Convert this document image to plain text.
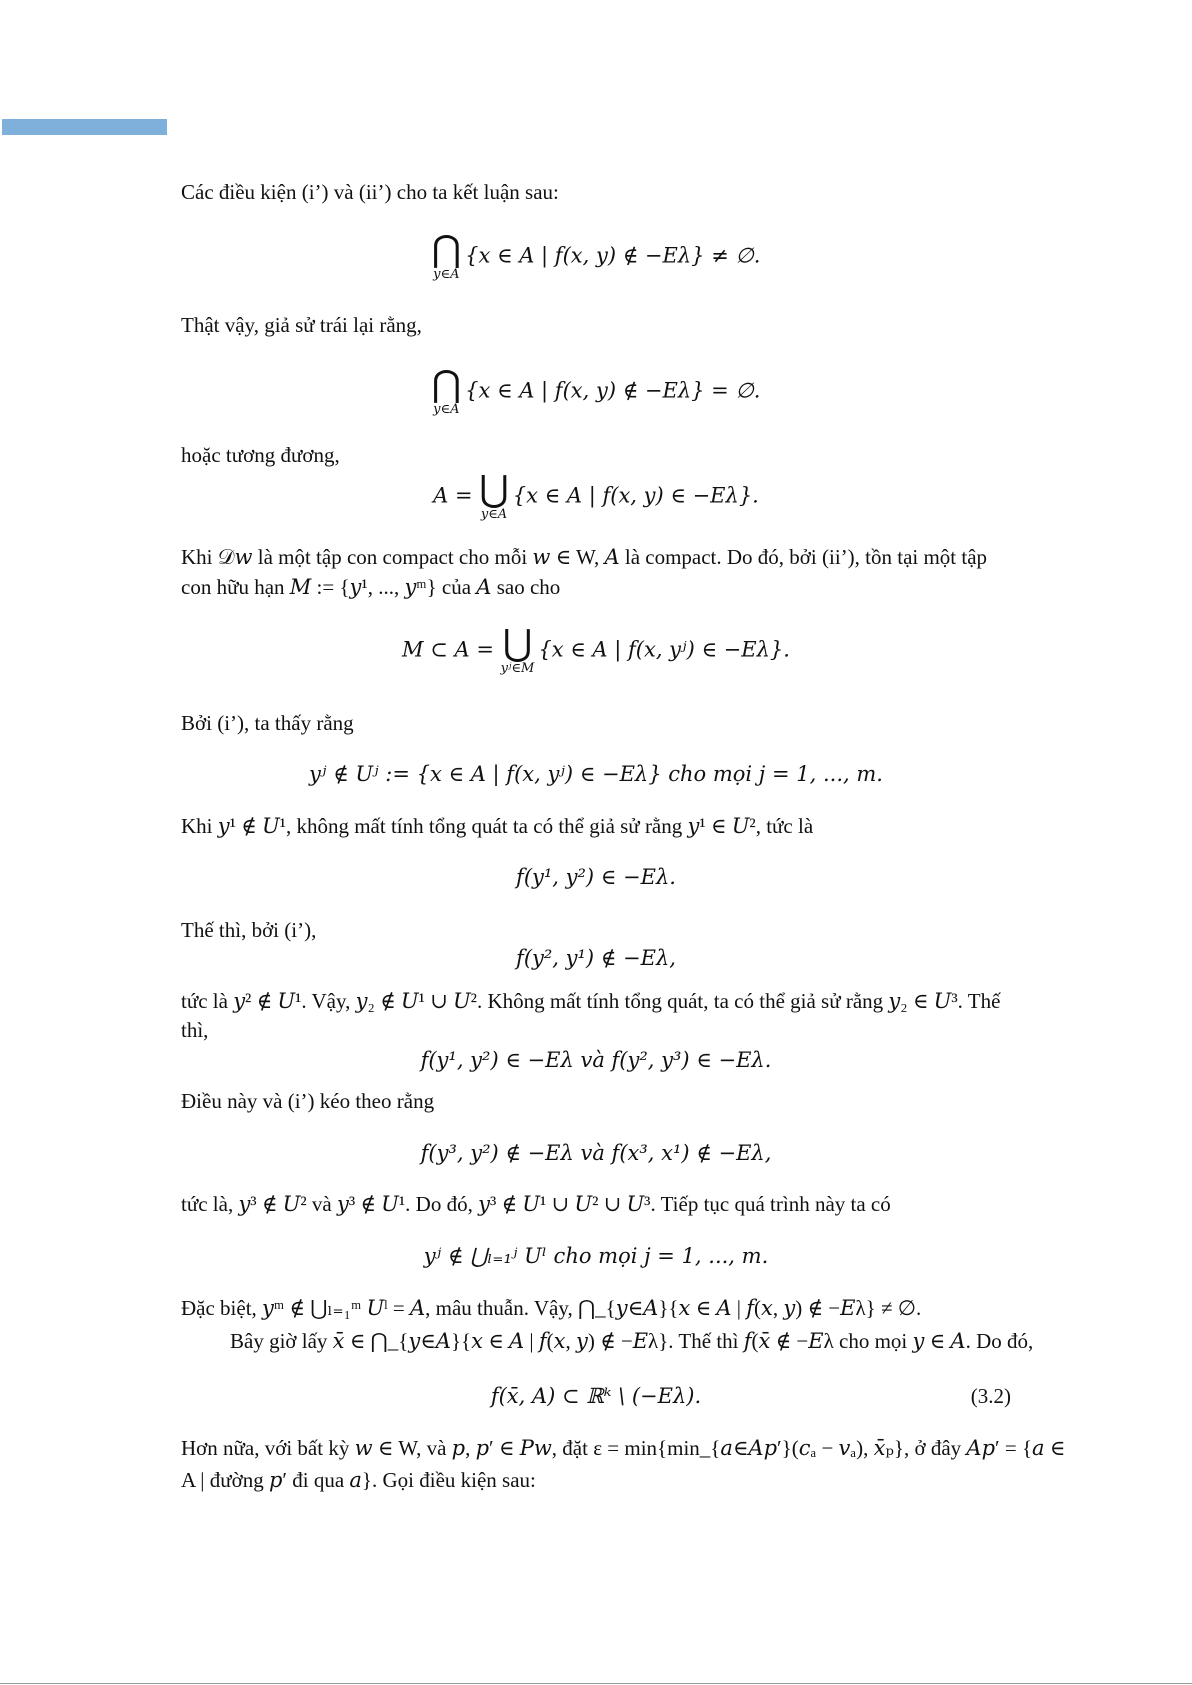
Các điều kiện (i’) và (ii’) cho ta kết luận sau:
⋂
y∈A
{x ∈ A | f(x, y) ∉ −Eλ} ≠ ∅.
Thật vậy, giả sử trái lại rằng,
⋂
y∈A
{x ∈ A | f(x, y) ∉ −Eλ} = ∅.
hoặc tương đương,
A = ⋃
y∈A
{x ∈ A | f(x, y) ∈ −Eλ}.
Khi 𝒟𝑤 là một tập con compact cho mỗi 𝑤 ∈ W, 𝐴 là compact. Do đó, bởi (ii’), tồn tại một tập
con hữu hạn 𝑀 := {𝑦¹, ..., 𝑦ᵐ} của 𝐴 sao cho
M ⊂ A = ⋃
yʲ∈M
{x ∈ A | f(x, yʲ) ∈ −Eλ}.
Bởi (i’), ta thấy rằng
yʲ ∉ Uʲ := {x ∈ A | f(x, yʲ) ∈ −Eλ} cho mọi j = 1, ..., m.
Khi 𝑦¹ ∉ 𝑈¹, không mất tính tổng quát ta có thể giả sử rằng 𝑦¹ ∈ 𝑈², tức là
f(y¹, y²) ∈ −Eλ.
Thế thì, bởi (i’),
f(y², y¹) ∉ −Eλ,
tức là 𝑦² ∉ 𝑈¹. Vậy, 𝑦₂ ∉ 𝑈¹ ∪ 𝑈². Không mất tính tổng quát, ta có thể giả sử rằng 𝑦₂ ∈ 𝑈³. Thế
thì,
f(y¹, y²) ∈ −Eλ và f(y², y³) ∈ −Eλ.
Điều này và (i’) kéo theo rằng
f(y³, y²) ∉ −Eλ và f(x³, x¹) ∉ −Eλ,
tức là, 𝑦³ ∉ 𝑈² và 𝑦³ ∉ 𝑈¹. Do đó, 𝑦³ ∉ 𝑈¹ ∪ 𝑈² ∪ 𝑈³. Tiếp tục quá trình này ta có
yʲ ∉ ⋃ₗ₌₁ʲ Uˡ cho mọi j = 1, ..., m.
Đặc biệt, 𝑦ᵐ ∉ ⋃ₗ₌₁ᵐ 𝑈ˡ = 𝐴, mâu thuẫn. Vậy, ⋂_{𝑦∈𝐴}{𝑥 ∈ 𝐴 | 𝑓(𝑥, 𝑦) ∉ −𝐸λ} ≠ ∅.
Bây giờ lấy 𝑥̄ ∈ ⋂_{𝑦∈𝐴}{𝑥 ∈ 𝐴 | 𝑓(𝑥, 𝑦) ∉ −𝐸λ}. Thế thì 𝑓(𝑥̄ ∉ −𝐸λ cho mọi 𝑦 ∈ 𝐴. Do đó,
f(x̄, A) ⊂ ℝᵏ \ (−Eλ).	(3.2)
Hơn nữa, với bất kỳ 𝑤 ∈ W, và 𝑝, 𝑝′ ∈ 𝑃𝑤, đặt ε = min{min_{𝑎∈𝐴𝑝′}(𝑐ₐ − 𝑣ₐ), 𝑥̄ₚ}, ở đây 𝐴𝑝′ = {𝑎 ∈
A | đường 𝑝′ đi qua 𝑎}. Gọi điều kiện sau:
